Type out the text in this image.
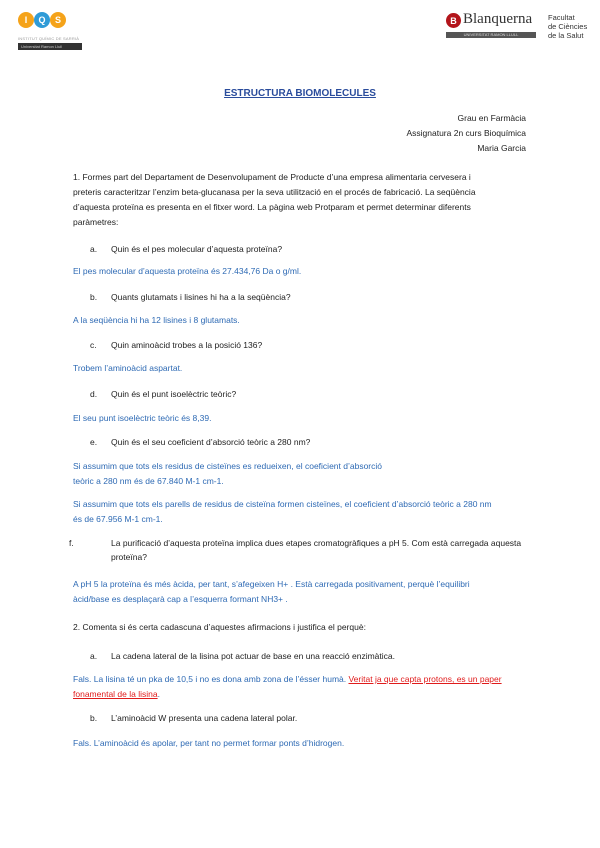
I	Q	S
INSTITUT QUÍMIC DE SARRIÀ
Universitat Ramon Llull
B Blanquerna
UNIVERSITAT RAMON LLULL
Facultat
de Ciències
de la Salut
ESTRUCTURA BIOMOLECULES
Grau en Farmàcia
Assignatura 2n curs Bioquímica
Maria Garcia
1. Formes part del Departament de Desenvolupament de Producte d’una empresa alimentaria cervesera i
preteris caracteritzar l’enzim beta-glucanasa per la seva utilització en el procés de fabricació. La seqüència
d’aquesta proteïna es presenta en el fitxer word. La pàgina web Protparam et permet determinar diferents
paràmetres:
a. Quin és el pes molecular d’aquesta proteïna?
El pes molecular d’aquesta proteïna és 27.434,76 Da o g/ml.
b. Quants glutamats i lisines hi ha a la seqüència?
A la seqüència hi ha 12 lisines i 8 glutamats.
c. Quin aminoàcid trobes a la posició 136?
Trobem l’aminoàcid aspartat.
d. Quin és el punt isoelèctric teòric?
El seu punt isoelèctric teòric és 8,39.
e. Quin és el seu coeficient d’absorció teòric a 280 nm?
Si assumim que tots els residus de cisteïnes es redueixen, el coeficient d’absorció
teòric a 280 nm és de 67.840 M-1 cm-1.
Si assumim que tots els parells de residus de cisteïna formen cisteïnes, el coeficient d’absorció teòric a 280 nm
és de 67.956 M-1 cm-1.
f.	La purificació d’aquesta proteïna implica dues etapes cromatogràfiques a pH 5. Com està carregada aquesta proteïna?
A pH 5 la proteïna és més àcida, per tant, s’afegeixen H+ . Està carregada positivament, perquè l’equilibri
àcid/base es desplaçarà cap a l’esquerra formant NH3+ .
2. Comenta si és certa cadascuna d’aquestes afirmacions i justifica el perquè:
a. La cadena lateral de la lisina pot actuar de base en una reacció enzimàtica.
Fals. La lisina té un pka de 10,5 i no es dona amb zona de l’ésser humà. Veritat ja que capta protons, es un paper fonamental de la lisina.
b. L’aminoàcid W presenta una cadena lateral polar.
Fals. L’aminoàcid és apolar, per tant no permet formar ponts d’hidrogen.
